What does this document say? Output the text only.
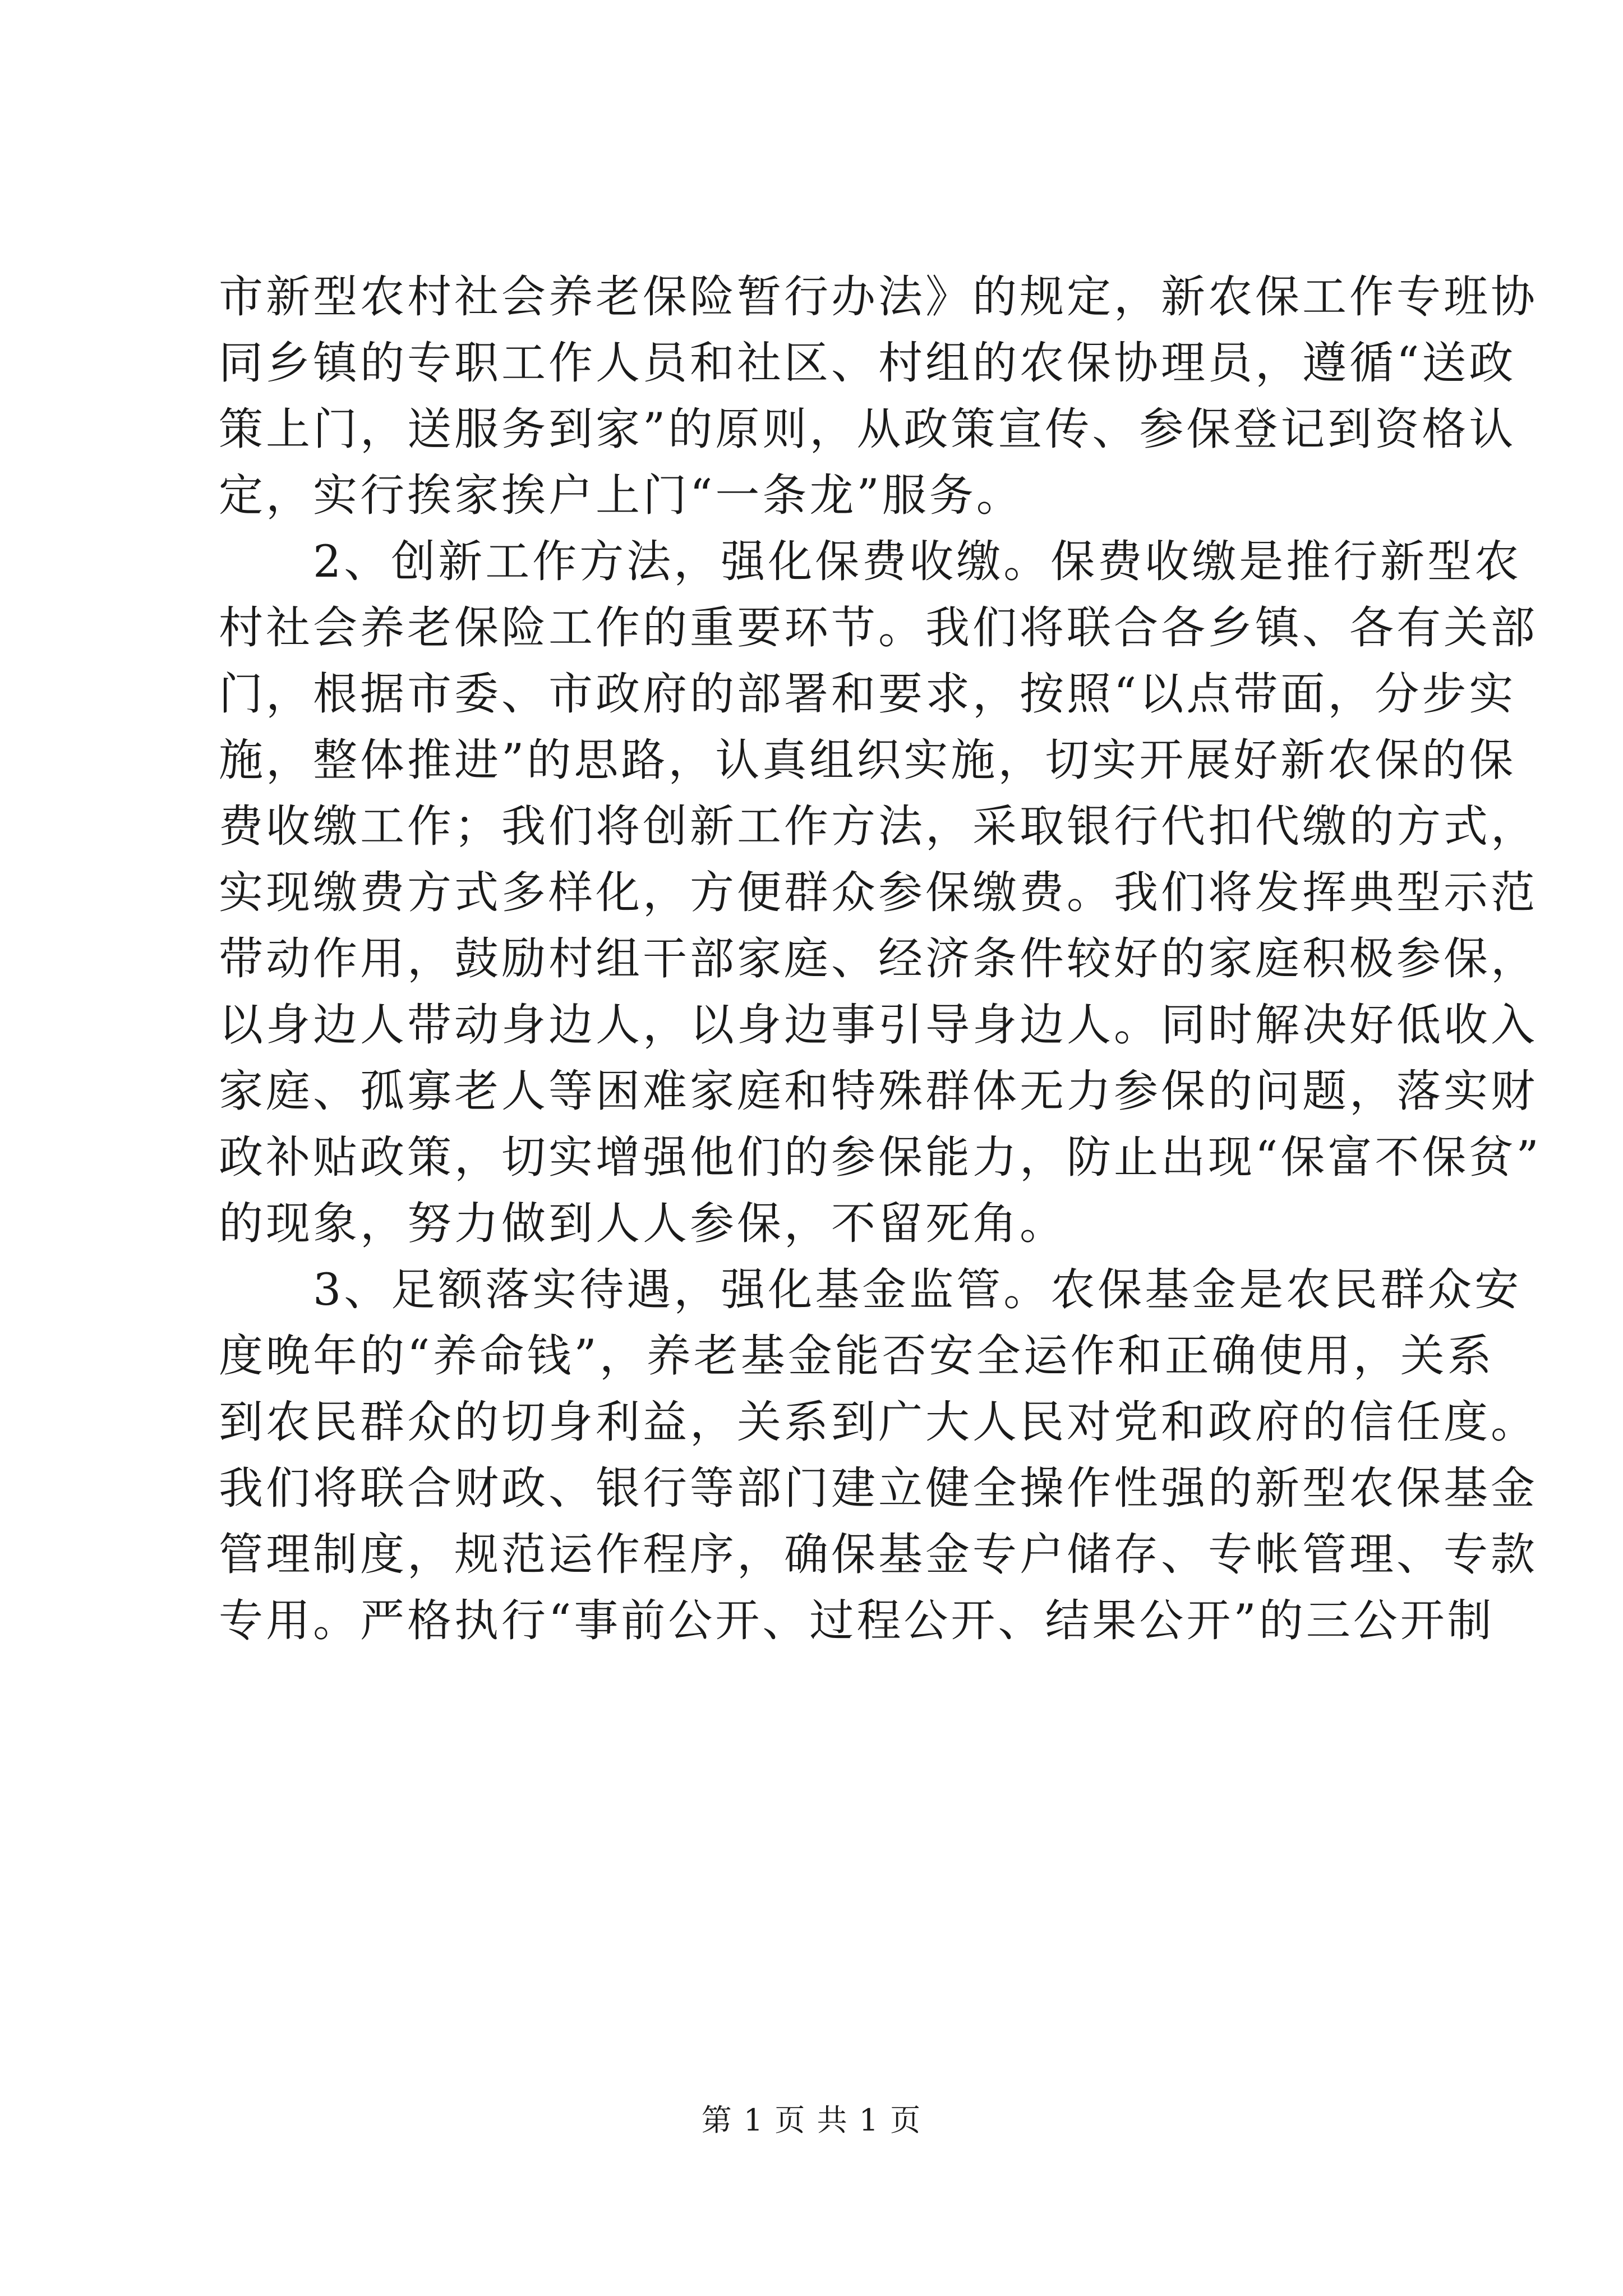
市新型农村社会养老保险暂行办法》的规定，新农保工作专班协
同乡镇的专职工作人员和社区、村组的农保协理员，遵循“送政
策上门，送服务到家”的原则，从政策宣传、参保登记到资格认
定，实行挨家挨户上门“一条龙”服务。
2、创新工作方法，强化保费收缴。保费收缴是推行新型农
村社会养老保险工作的重要环节。我们将联合各乡镇、各有关部
门，根据市委、市政府的部署和要求，按照“以点带面，分步实
施，整体推进”的思路，认真组织实施，切实开展好新农保的保
费收缴工作；我们将创新工作方法，采取银行代扣代缴的方式，
实现缴费方式多样化，方便群众参保缴费。我们将发挥典型示范
带动作用，鼓励村组干部家庭、经济条件较好的家庭积极参保，
以身边人带动身边人，以身边事引导身边人。同时解决好低收入
家庭、孤寡老人等困难家庭和特殊群体无力参保的问题，落实财
政补贴政策，切实增强他们的参保能力，防止出现“保富不保贫”
的现象，努力做到人人参保，不留死角。
3、足额落实待遇，强化基金监管。农保基金是农民群众安
度晚年的“养命钱”，养老基金能否安全运作和正确使用，关系
到农民群众的切身利益，关系到广大人民对党和政府的信任度。
我们将联合财政、银行等部门建立健全操作性强的新型农保基金
管理制度，规范运作程序，确保基金专户储存、专帐管理、专款
专用。严格执行“事前公开、过程公开、结果公开”的三公开制
第 1 页 共 1 页
